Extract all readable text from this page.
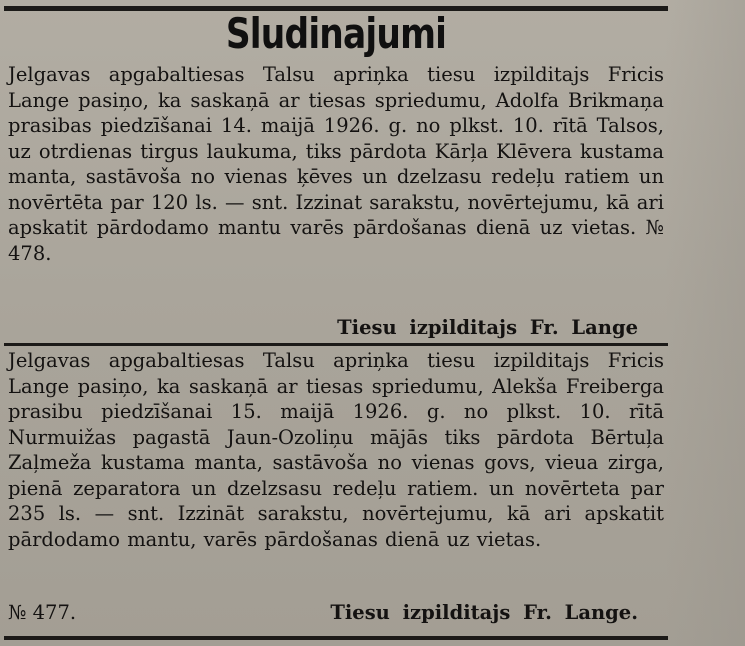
Sludinajumi
Jelgavas apgabaltiesas Talsu apriņka tiesu izpilditajs Fricis Lange pasiņo, ka saskaņā ar tiesas spriedumu, Adolfa Brikmaņa prasibas piedzīšanai 14. maijā 1926. g. no plkst. 10. rītā Talsos, uz otrdienas tirgus laukuma, tiks pārdota Kārļa Klēvera kustama manta, sastāvoša no vienas ķēves un dzelzasu redeļu ratiem un novērtēta par 120 ls. — snt. Izzinat sarakstu, novērtejumu, kā ari apskatit pārdodamo mantu varēs pārdošanas dienā uz vietas. № 478.
Tiesu izpilditajs Fr. Lange
Jelgavas apgabaltiesas Talsu apriņka tiesu izpilditajs Fricis Lange pasiņo, ka saskaņā ar tiesas spriedumu, Alekša Freiberga prasibu piedzīšanai 15. maijā 1926. g. no plkst. 10. rītā Nurmuižas pagastā Jaun-Ozoliņu mājās tiks pārdota Bērtuļa Zaļmeža kustama manta, sastāvoša no vienas govs, vieua zirga, pienā zeparatora un dzelzsasu redeļu ratiem. un novērteta par 235 ls. — snt. Izzināt sarakstu, novērtejumu, kā ari apskatit pārdodamo mantu, varēs pārdošanas dienā uz vietas.
№ 477.	Tiesu izpilditajs Fr. Lange.
